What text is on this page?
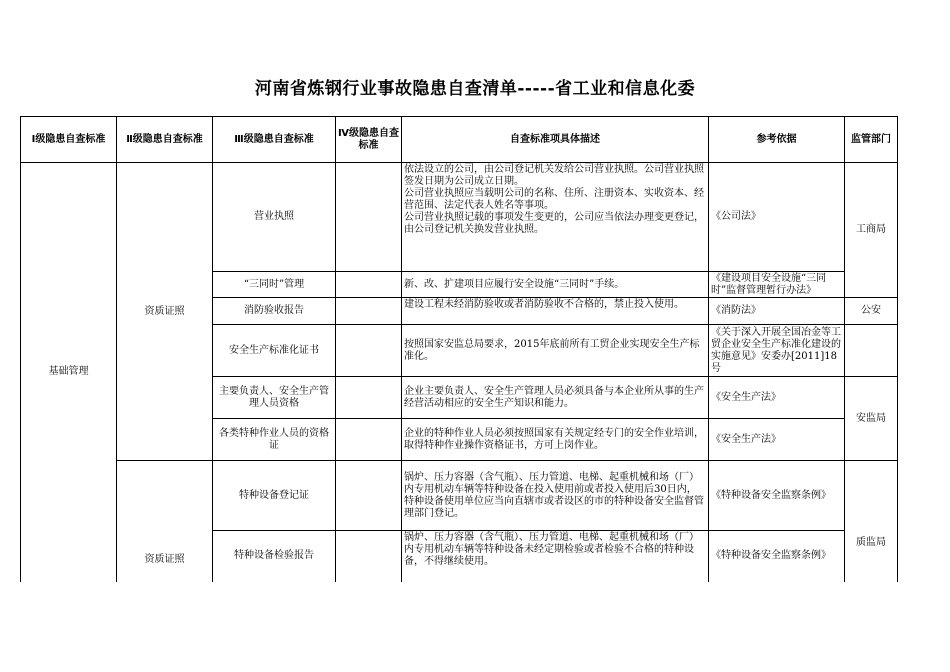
河南省炼钢行业事故隐患自查清单-----省工业和信息化委
Ⅰ级隐患自查标准	Ⅱ级隐患自查标准	Ⅲ级隐患自查标准	Ⅳ级隐患自查标准	自查标准项具体描述	参考依据	监管部门
基础管理	资质证照	营业执照		依法设立的公司，由公司登记机关发给公司营业执照。公司营业执照签发日期为公司成立日期。
公司营业执照应当载明公司的名称、住所、注册资本、实收资本、经营范围、法定代表人姓名等事项。
公司营业执照记载的事项发生变更的，公司应当依法办理变更登记，由公司登记机关换发营业执照。	《公司法》	工商局
		“三同时”管理		新、改、扩建项目应履行安全设施“三同时”手续。	《建设项目安全设施“三同时”监督管理暂行办法》	
		消防验收报告		建设工程未经消防验收或者消防验收不合格的，禁止投入使用。	《消防法》	公安
		安全生产标准化证书		按照国家安监总局要求，2015年底前所有工贸企业实现安全生产标准化。	《关于深入开展全国冶金等工贸企业安全生产标准化建设的实施意见》安委办[2011]18号	
		主要负责人、安全生产管理人员资格		企业主要负责人、安全生产管理人员必须具备与本企业所从事的生产经营活动相应的安全生产知识和能力。	《安全生产法》	安监局
		各类特种作业人员的资格证		企业的特种作业人员必须按照国家有关规定经专门的安全作业培训，取得特种作业操作资格证书，方可上岗作业。	《安全生产法》	
	资质证照	特种设备登记证		锅炉、压力容器（含气瓶）、压力管道、电梯、起重机械和场（厂）内专用机动车辆等特种设备在投入使用前或者投入使用后30日内，特种设备使用单位应当向直辖市或者设区的市的特种设备安全监督管理部门登记。	《特种设备安全监察条例》	质监局
		特种设备检验报告		锅炉、压力容器（含气瓶）、压力管道、电梯、起重机械和场（厂）内专用机动车辆等特种设备未经定期检验或者检验不合格的特种设备，不得继续使用。	《特种设备安全监察条例》	
